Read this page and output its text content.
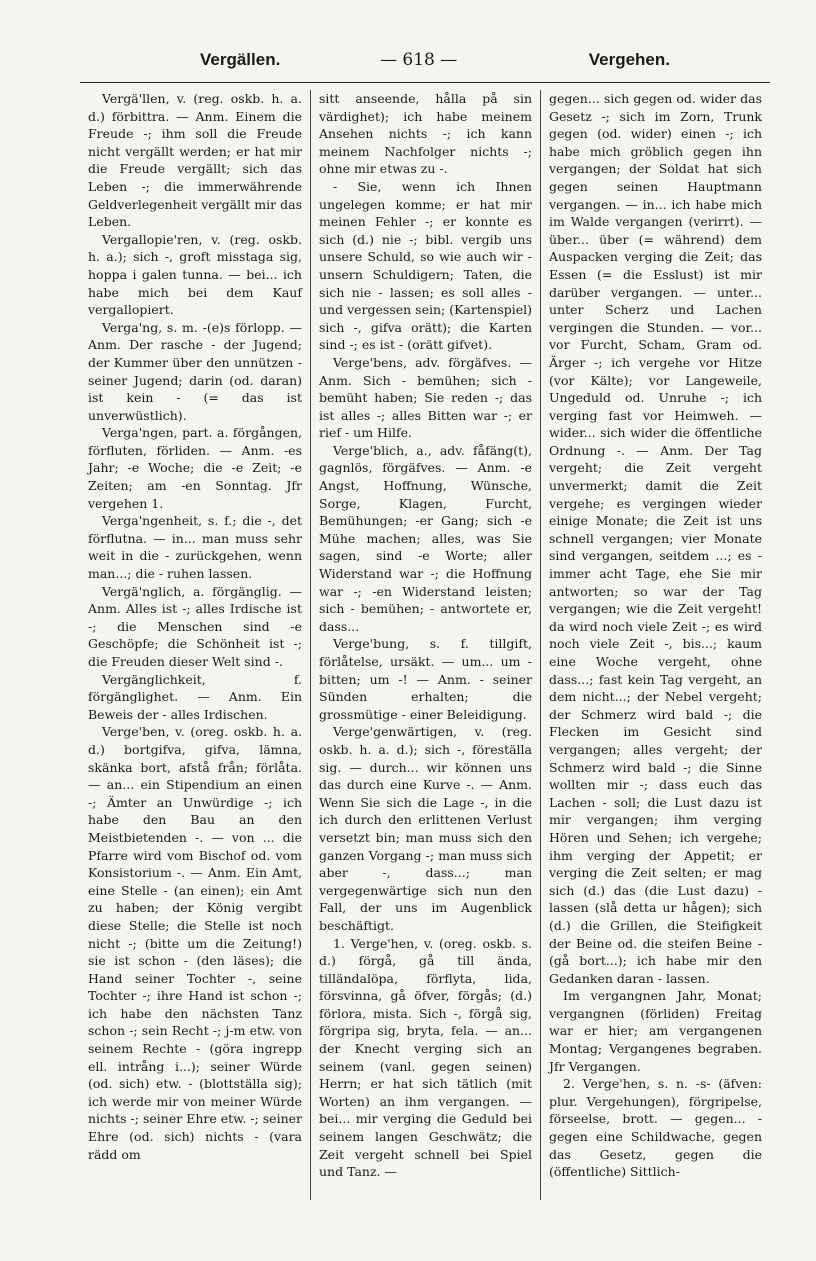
Vergällen.	— 618 —	Vergehen.

Vergä'llen, v. (reg. oskb. h. a. d.) förbittra. — Anm. Einem die Freude -; ihm soll die Freude nicht vergällt werden; er hat mir die Freude vergällt; sich das Leben -; die immerwährende Geldverlegenheit vergällt mir das Leben.

Vergallopie'ren, v. (reg. oskb. h. a.); sich -, groft misstaga sig, hoppa i galen tunna. — bei... ich habe mich bei dem Kauf vergallopiert.

Verga'ng, s. m. -(e)s förlopp. — Anm. Der rasche - der Jugend; der Kummer über den unnützen - seiner Jugend; darin (od. daran) ist kein - (= das ist unverwüstlich).

Verga'ngen, part. a. förgången, förfluten, förliden. — Anm. -es Jahr; -e Woche; die -e Zeit; -e Zeiten; am -en Sonntag. Jfr vergehen 1.

Verga'ngenheit, s. f.; die -, det förflutna. — in... man muss sehr weit in die - zurückgehen, wenn man...; die - ruhen lassen.

Vergä'nglich, a. förgänglig. — Anm. Alles ist -; alles Irdische ist -; die Menschen sind -e Geschöpfe; die Schönheit ist -; die Freuden dieser Welt sind -.

Vergänglichkeit, f. förgänglighet. — Anm. Ein Beweis der - alles Irdischen.

Verge'ben, v. (oreg. oskb. h. a. d.) bortgifva, gifva, lämna, skänka bort, afstå från; förlåta. — an... ein Stipendium an einen -; Ämter an Unwürdige -; ich habe den Bau an den Meistbietenden -. — von ... die Pfarre wird vom Bischof od. vom Konsistorium -. — Anm. Ein Amt, eine Stelle - (an einen); ein Amt zu haben; der König vergibt diese Stelle; die Stelle ist noch nicht -; (bitte um die Zeitung!) sie ist schon - (den läses); die Hand seiner Tochter -, seine Tochter -; ihre Hand ist schon -; ich habe den nächsten Tanz schon -; sein Recht -; j-m etw. von seinem Rechte - (göra ingrepp ell. intrång i...); seiner Würde (od. sich) etw. - (blottställa sig); ich werde mir von meiner Würde nichts -; seiner Ehre etw. -; seiner Ehre (od. sich) nichts - (vara rädd om

sitt anseende, hålla på sin värdighet); ich habe meinem Ansehen nichts -; ich kann meinem Nachfolger nichts -; ohne mir etwas zu -.

- Sie, wenn ich Ihnen ungelegen komme; er hat mir meinen Fehler -; er konnte es sich (d.) nie -; bibl. vergib uns unsere Schuld, so wie auch wir - unsern Schuldigern; Taten, die sich nie - lassen; es soll alles - und vergessen sein; (Kartenspiel) sich -, gifva orätt); die Karten sind -; es ist - (orätt gifvet).

Verge'bens, adv. förgäfves. — Anm. Sich - bemühen; sich - bemüht haben; Sie reden -; das ist alles -; alles Bitten war -; er rief - um Hilfe.

Verge'blich, a., adv. fåfäng(t), gagnlös, förgäfves. — Anm. -e Angst, Hoffnung, Wünsche, Sorge, Klagen, Furcht, Bemühungen; -er Gang; sich -e Mühe machen; alles, was Sie sagen, sind -e Worte; aller Widerstand war -; die Hoffnung war -; -en Widerstand leisten; sich - bemühen; - antwortete er, dass...

Verge'bung, s. f. tillgift, förlåtelse, ursäkt. — um... um - bitten; um -! — Anm. - seiner Sünden erhalten; die grossmütige - einer Beleidigung.

Verge'genwärtigen, v. (reg. oskb. h. a. d.); sich -, föreställa sig. — durch... wir können uns das durch eine Kurve -. — Anm. Wenn Sie sich die Lage -, in die ich durch den erlittenen Verlust versetzt bin; man muss sich den ganzen Vorgang -; man muss sich aber -, dass...; man vergegenwärtige sich nun den Fall, der uns im Augenblick beschäftigt.

1. Verge'hen, v. (oreg. oskb. s. d.) förgå, gå till ända, tilländalöpa, förflyta, lida, försvinna, gå öfver, förgås; (d.) förlora, mista. Sich -, förgå sig, förgripa sig, bryta, fela. — an... der Knecht verging sich an seinem (vanl. gegen seinen) Herrn; er hat sich tätlich (mit Worten) an ihm vergangen. — bei... mir verging die Geduld bei seinem langen Geschwätz; die Zeit vergeht schnell bei Spiel und Tanz. —

gegen... sich gegen od. wider das Gesetz -; sich im Zorn, Trunk gegen (od. wider) einen -; ich habe mich gröblich gegen ihn vergangen; der Soldat hat sich gegen seinen Hauptmann vergangen. — in... ich habe mich im Walde vergangen (verirrt). — über... über (= während) dem Auspacken verging die Zeit; das Essen (= die Esslust) ist mir darüber vergangen. — unter... unter Scherz und Lachen vergingen die Stunden. — vor... vor Furcht, Scham, Gram od. Ärger -; ich vergehe vor Hitze (vor Kälte); vor Langeweile, Ungeduld od. Unruhe -; ich verging fast vor Heimweh. — wider... sich wider die öffentliche Ordnung -. — Anm. Der Tag vergeht; die Zeit vergeht unvermerkt; damit die Zeit vergehe; es vergingen wieder einige Monate; die Zeit ist uns schnell vergangen; vier Monate sind vergangen, seitdem ...; es - immer acht Tage, ehe Sie mir antworten; so war der Tag vergangen; wie die Zeit vergeht! da wird noch viele Zeit -; es wird noch viele Zeit -, bis...; kaum eine Woche vergeht, ohne dass...; fast kein Tag vergeht, an dem nicht...; der Nebel vergeht; der Schmerz wird bald -; die Flecken im Gesicht sind vergangen; alles vergeht; der Schmerz wird bald -; die Sinne wollten mir -; dass euch das Lachen - soll; die Lust dazu ist mir vergangen; ihm verging Hören und Sehen; ich vergehe; ihm verging der Appetit; er verging die Zeit selten; er mag sich (d.) das (die Lust dazu) - lassen (slå detta ur hågen); sich (d.) die Grillen, die Steifigkeit der Beine od. die steifen Beine - (gå bort...); ich habe mir den Gedanken daran - lassen.

Im vergangnen Jahr, Monat; vergangnen (förliden) Freitag war er hier; am vergangenen Montag; Vergangenes begraben. Jfr Vergangen.

2. Verge'hen, s. n. -s- (äfven: plur. Vergehungen), förgripelse, förseelse, brott. — gegen... - gegen eine Schildwache, gegen das Gesetz, gegen die (öffentliche) Sittlich-
